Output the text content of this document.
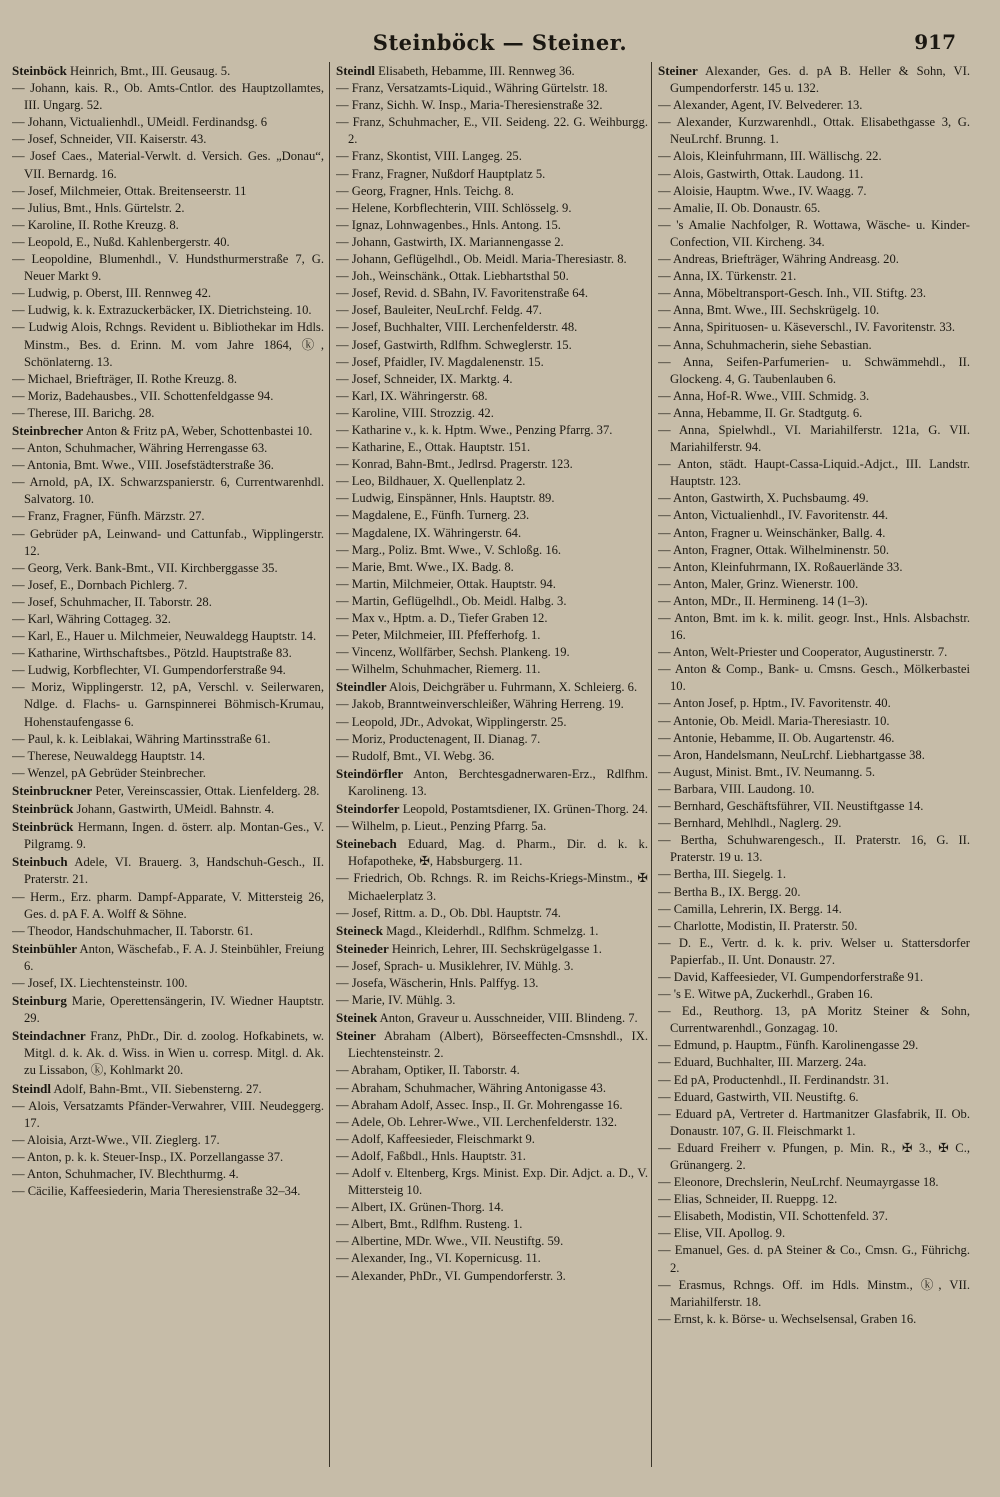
Steinböck — Steiner.	917
Steinböck Heinrich, Bmt., III. Geusaug. 5.
— Johann, kais. R., Ob. Amts-Cntlor. des Hauptzollamtes, III. Ungarg. 52.
— Johann, Victualienhdl., UMeidl. Ferdinandsg. 6
— Josef, Schneider, VII. Kaiserstr. 43.
— Josef Caes., Material-Verwlt. d. Versich. Ges. „Donau“, VII. Bernardg. 16.
— Josef, Milchmeier, Ottak. Breitenseerstr. 11
— Julius, Bmt., Hnls. Gürtelstr. 2.
— Karoline, II. Rothe Kreuzg. 8.
— Leopold, E., Nußd. Kahlenbergerstr. 40.
— Leopoldine, Blumenhdl., V. Hundsthurmerstraße 7, G. Neuer Markt 9.
— Ludwig, p. Oberst, III. Rennweg 42.
— Ludwig, k. k. Extrazuckerbäcker, IX. Dietrichsteing. 10.
— Ludwig Alois, Rchngs. Revident u. Bibliothekar im Hdls. Minstm., Bes. d. Erinn. M. vom Jahre 1864, ⓚ, Schönlaterng. 13.
— Michael, Briefträger, II. Rothe Kreuzg. 8.
— Moriz, Badehausbes., VII. Schottenfeldgasse 94.
— Therese, III. Barichg. 28.
Steinbrecher Anton & Fritz pA, Weber, Schottenbastei 10.
— Anton, Schuhmacher, Währing Herrengasse 63.
— Antonia, Bmt. Wwe., VIII. Josefstädterstraße 36.
— Arnold, pA, IX. Schwarzspanierstr. 6, Currentwarenhdl. Salvatorg. 10.
— Franz, Fragner, Fünfh. Märzstr. 27.
— Gebrüder pA, Leinwand- und Cattunfab., Wipplingerstr. 12.
— Georg, Verk. Bank-Bmt., VII. Kirchberggasse 35.
— Josef, E., Dornbach Pichlerg. 7.
— Josef, Schuhmacher, II. Taborstr. 28.
— Karl, Währing Cottageg. 32.
— Karl, E., Hauer u. Milchmeier, Neuwaldegg Hauptstr. 14.
— Katharine, Wirthschaftsbes., Pötzld. Hauptstraße 83.
— Ludwig, Korbflechter, VI. Gumpendorferstraße 94.
— Moriz, Wipplingerstr. 12, pA, Verschl. v. Seilerwaren, Ndlge. d. Flachs- u. Garnspinnerei Böhmisch-Krumau, Hohenstaufengasse 6.
— Paul, k. k. Leiblakai, Währing Martinsstraße 61.
— Therese, Neuwaldegg Hauptstr. 14.
— Wenzel, pA Gebrüder Steinbrecher.
Steinbruckner Peter, Vereinscassier, Ottak. Lienfelderg. 28.
Steinbrück Johann, Gastwirth, UMeidl. Bahnstr. 4.
Steinbrück Hermann, Ingen. d. österr. alp. Montan-Ges., V. Pilgramg. 9.
Steinbuch Adele, VI. Brauerg. 3, Handschuh-Gesch., II. Praterstr. 21.
— Herm., Erz. pharm. Dampf-Apparate, V. Mittersteig 26, Ges. d. pA F. A. Wolff & Söhne.
— Theodor, Handschuhmacher, II. Taborstr. 61.
Steinbühler Anton, Wäschefab., F. A. J. Steinbühler, Freiung 6.
— Josef, IX. Liechtensteinstr. 100.
Steinburg Marie, Operettensängerin, IV. Wiedner Hauptstr. 29.
Steindachner Franz, PhDr., Dir. d. zoolog. Hofkabinets, w. Mitgl. d. k. Ak. d. Wiss. in Wien u. corresp. Mitgl. d. Ak. zu Lissabon, ⓚ, Kohlmarkt 20.
Steindl Adolf, Bahn-Bmt., VII. Siebensterng. 27.
— Alois, Versatzamts Pfänder-Verwahrer, VIII. Neudeggerg. 17.
— Aloisia, Arzt-Wwe., VII. Zieglerg. 17.
— Anton, p. k. k. Steuer-Insp., IX. Porzellangasse 37.
— Anton, Schuhmacher, IV. Blechthurmg. 4.
— Cäcilie, Kaffeesiederin, Maria Theresienstraße 32–34.
Steindl Elisabeth, Hebamme, III. Rennweg 36.
— Franz, Versatzamts-Liquid., Währing Gürtelstr. 18.
— Franz, Sichh. W. Insp., Maria-Theresienstraße 32.
— Franz, Schuhmacher, E., VII. Seideng. 22. G. Weihburgg. 2.
— Franz, Skontist, VIII. Langeg. 25.
— Franz, Fragner, Nußdorf Hauptplatz 5.
— Georg, Fragner, Hnls. Teichg. 8.
— Helene, Korbflechterin, VIII. Schlösselg. 9.
— Ignaz, Lohnwagenbes., Hnls. Antong. 15.
— Johann, Gastwirth, IX. Mariannengasse 2.
— Johann, Geflügelhdl., Ob. Meidl. Maria-Theresiastr. 8.
— Joh., Weinschänk., Ottak. Liebhartsthal 50.
— Josef, Revid. d. SBahn, IV. Favoritenstraße 64.
— Josef, Bauleiter, NeuLrchf. Feldg. 47.
— Josef, Buchhalter, VIII. Lerchenfelderstr. 48.
— Josef, Gastwirth, Rdlfhm. Schweglerstr. 15.
— Josef, Pfaidler, IV. Magdalenenstr. 15.
— Josef, Schneider, IX. Marktg. 4.
— Karl, IX. Währingerstr. 68.
— Karoline, VIII. Strozzig. 42.
— Katharine v., k. k. Hptm. Wwe., Penzing Pfarrg. 37.
— Katharine, E., Ottak. Hauptstr. 151.
— Konrad, Bahn-Bmt., Jedlrsd. Pragerstr. 123.
— Leo, Bildhauer, X. Quellenplatz 2.
— Ludwig, Einspänner, Hnls. Hauptstr. 89.
— Magdalene, E., Fünfh. Turnerg. 23.
— Magdalene, IX. Währingerstr. 64.
— Marg., Poliz. Bmt. Wwe., V. Schloßg. 16.
— Marie, Bmt. Wwe., IX. Badg. 8.
— Martin, Milchmeier, Ottak. Hauptstr. 94.
— Martin, Geflügelhdl., Ob. Meidl. Halbg. 3.
— Max v., Hptm. a. D., Tiefer Graben 12.
— Peter, Milchmeier, III. Pfefferhofg. 1.
— Vincenz, Wollfärber, Sechsh. Plankeng. 19.
— Wilhelm, Schuhmacher, Riemerg. 11.
Steindler Alois, Deichgräber u. Fuhrmann, X. Schleierg. 6.
— Jakob, Branntweinverschleißer, Währing Herreng. 19.
— Leopold, JDr., Advokat, Wipplingerstr. 25.
— Moriz, Productenagent, II. Dianag. 7.
— Rudolf, Bmt., VI. Webg. 36.
Steindörfler Anton, Berchtesgadnerwaren-Erz., Rdlfhm. Karolineng. 13.
Steindorfer Leopold, Postamtsdiener, IX. Grünen-Thorg. 24.
— Wilhelm, p. Lieut., Penzing Pfarrg. 5a.
Steinebach Eduard, Mag. d. Pharm., Dir. d. k. k. Hofapotheke, ✠, Habsburgerg. 11.
— Friedrich, Ob. Rchngs. R. im Reichs-Kriegs-Minstm., ✠ Michaelerplatz 3.
— Josef, Rittm. a. D., Ob. Dbl. Hauptstr. 74.
Steineck Magd., Kleiderhdl., Rdlfhm. Schmelzg. 1.
Steineder Heinrich, Lehrer, III. Sechskrügelgasse 1.
— Josef, Sprach- u. Musiklehrer, IV. Mühlg. 3.
— Josefa, Wäscherin, Hnls. Palffyg. 13.
— Marie, IV. Mühlg. 3.
Steinek Anton, Graveur u. Ausschneider, VIII. Blindeng. 7.
Steiner Abraham (Albert), Börseeffecten-Cmsnshdl., IX. Liechtensteinstr. 2.
— Abraham, Optiker, II. Taborstr. 4.
— Abraham, Schuhmacher, Währing Antonigasse 43.
— Abraham Adolf, Assec. Insp., II. Gr. Mohrengasse 16.
— Adele, Ob. Lehrer-Wwe., VII. Lerchenfelderstr. 132.
— Adolf, Kaffeesieder, Fleischmarkt 9.
— Adolf, Faßbdl., Hnls. Hauptstr. 31.
— Adolf v. Eltenberg, Krgs. Minist. Exp. Dir. Adjct. a. D., V. Mittersteig 10.
— Albert, IX. Grünen-Thorg. 14.
— Albert, Bmt., Rdlfhm. Rusteng. 1.
— Albertine, MDr. Wwe., VII. Neustiftg. 59.
— Alexander, Ing., VI. Kopernicusg. 11.
— Alexander, PhDr., VI. Gumpendorferstr. 3.
Steiner Alexander, Ges. d. pA B. Heller & Sohn, VI. Gumpendorferstr. 145 u. 132.
— Alexander, Agent, IV. Belvederег. 13.
— Alexander, Kurzwarenhdl., Ottak. Elisabethgasse 3, G. NeuLrchf. Brunng. 1.
— Alois, Kleinfuhrmann, III. Wällischg. 22.
— Alois, Gastwirth, Ottak. Laudong. 11.
— Aloisie, Hauptm. Wwe., IV. Waagg. 7.
— Amalie, II. Ob. Donaustr. 65.
— 's Amalie Nachfolger, R. Wottawa, Wäsche- u. Kinder-Confection, VII. Kircheng. 34.
— Andreas, Briefträger, Währing Andreasg. 20.
— Anna, IX. Türkenstr. 21.
— Anna, Möbeltransport-Gesch. Inh., VII. Stiftg. 23.
— Anna, Bmt. Wwe., III. Sechskrügelg. 10.
— Anna, Spirituosen- u. Käseverschl., IV. Favoritenstr. 33.
— Anna, Schuhmacherin, siehe Sebastian.
— Anna, Seifen-Parfumerien- u. Schwämmehdl., II. Glockeng. 4, G. Taubenlauben 6.
— Anna, Hof-R. Wwe., VIII. Schmidg. 3.
— Anna, Hebamme, II. Gr. Stadtgutg. 6.
— Anna, Spielwhdl., VI. Mariahilferstr. 121a, G. VII. Mariahilferstr. 94.
— Anton, städt. Haupt-Cassa-Liquid.-Adjct., III. Landstr. Hauptstr. 123.
— Anton, Gastwirth, X. Puchsbaumg. 49.
— Anton, Victualienhdl., IV. Favoritenstr. 44.
— Anton, Fragner u. Weinschänker, Ballg. 4.
— Anton, Fragner, Ottak. Wilhelminenstr. 50.
— Anton, Kleinfuhrmann, IX. Roßauerlände 33.
— Anton, Maler, Grinz. Wienerstr. 100.
— Anton, MDr., II. Hermineng. 14 (1–3).
— Anton, Bmt. im k. k. milit. geogr. Inst., Hnls. Alsbachstr. 16.
— Anton, Welt-Priester und Cooperator, Augustinerstr. 7.
— Anton & Comp., Bank- u. Cmsns. Gesch., Mölkerbastei 10.
— Anton Josef, p. Hptm., IV. Favoritenstr. 40.
— Antonie, Ob. Meidl. Maria-Theresiastr. 10.
— Antonie, Hebamme, II. Ob. Augartenstr. 46.
— Aron, Handelsmann, NeuLrchf. Liebhartgasse 38.
— August, Minist. Bmt., IV. Neumanng. 5.
— Barbara, VIII. Laudong. 10.
— Bernhard, Geschäftsführer, VII. Neustiftgasse 14.
— Bernhard, Mehlhdl., Naglerg. 29.
— Bertha, Schuhwarengesch., II. Praterstr. 16, G. II. Praterstr. 19 u. 13.
— Bertha, III. Siegelg. 1.
— Bertha B., IX. Bergg. 20.
— Camilla, Lehrerin, IX. Bergg. 14.
— Charlotte, Modistin, II. Praterstr. 50.
— D. E., Vertr. d. k. k. priv. Welser u. Stattersdorfer Papierfab., II. Unt. Donaustr. 27.
— David, Kaffeesieder, VI. Gumpendorferstraße 91.
— 's E. Witwe pA, Zuckerhdl., Graben 16.
— Ed., Reuthorg. 13, pA Moritz Steiner & Sohn, Currentwarenhdl., Gonzagag. 10.
— Edmund, p. Hauptm., Fünfh. Karolinengasse 29.
— Eduard, Buchhalter, III. Marzerg. 24a.
— Ed pA, Productenhdl., II. Ferdinandstr. 31.
— Eduard, Gastwirth, VII. Neustiftg. 6.
— Eduard pA, Vertreter d. Hartmanitzer Glasfabrik, II. Ob. Donaustr. 107, G. II. Fleischmarkt 1.
— Eduard Freiherr v. Pfungen, p. Min. R., ✠ 3., ✠ C., Grünangerg. 2.
— Eleonore, Drechslerin, NeuLrchf. Neumayrgasse 18.
— Elias, Schneider, II. Rueppg. 12.
— Elisabeth, Modistin, VII. Schottenfeld. 37.
— Elise, VII. Apollog. 9.
— Emanuel, Ges. d. pA Steiner & Co., Cmsn. G., Führichg. 2.
— Erasmus, Rchngs. Off. im Hdls. Minstm., ⓚ, VII. Mariahilferstr. 18.
— Ernst, k. k. Börse- u. Wechselsensal, Graben 16.
